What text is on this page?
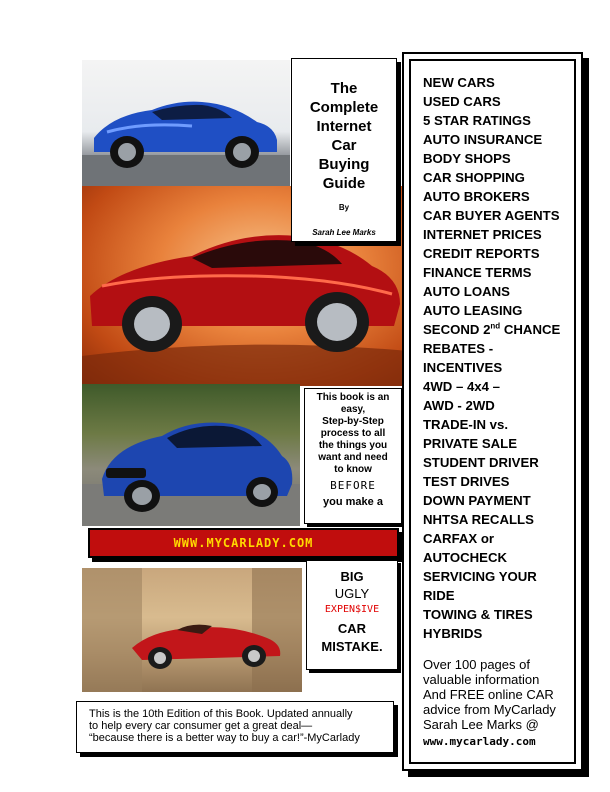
The
Complete
Internet
Car
Buying
Guide
By
Sarah Lee Marks
This book is an
easy,
Step-by-Step
process to all
the things you
want and need
to know
BEFORE
you make a
WWW.MYCARLADY.COM
BIG
UGLY
EXPEN$IVE
CAR
MISTAKE.
This is the 10th Edition of this Book. Updated annually
to help every car consumer get a great deal—
“because there is a better way to buy a car!”-MyCarlady
NEW CARS
USED CARS
5 STAR RATINGS
AUTO INSURANCE
BODY SHOPS
CAR SHOPPING
AUTO BROKERS
CAR BUYER AGENTS
INTERNET PRICES
CREDIT REPORTS
FINANCE TERMS
AUTO LOANS
AUTO LEASING
SECOND 2nd CHANCE
REBATES -
INCENTIVES
4WD – 4x4 –
AWD - 2WD
TRADE-IN vs.
PRIVATE SALE
STUDENT DRIVER
TEST DRIVES
DOWN PAYMENT
NHTSA RECALLS
CARFAX or
AUTOCHECK
SERVICING YOUR
RIDE
TOWING & TIRES
HYBRIDS
Over 100 pages of
valuable information
And FREE online CAR
advice from MyCarlady
Sarah Lee Marks @
www.mycarlady.com
